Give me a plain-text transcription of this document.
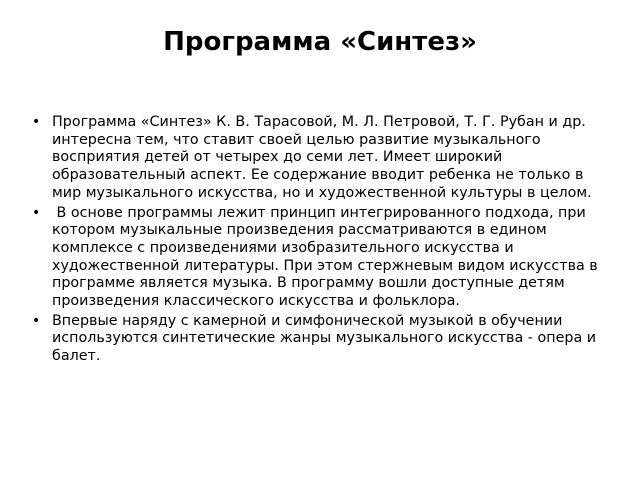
Программа «Синтез»
• Программа «Синтез» К. В. Тарасовой, М. Л. Петровой, Т. Г. Рубан и др. интересна тем, что ставит своей целью развитие музыкального восприятия детей от четырех до семи лет. Имеет широкий образовательный аспект. Ее содержание вводит ребенка не только в мир музыкального искусства, но и художественной культуры в целом.
• В основе программы лежит принцип интегрированного подхода, при котором музыкальные произведения рассматриваются в едином комплексе с произведениями изобразительного искусства и художественной литературы. При этом стержневым видом искусства в программе является музыка. В программу вошли доступные детям произведения классического искусства и фольклора.
• Впервые наряду с камерной и симфонической музыкой в обучении используются синтетические жанры музыкального искусства - опера и балет.
